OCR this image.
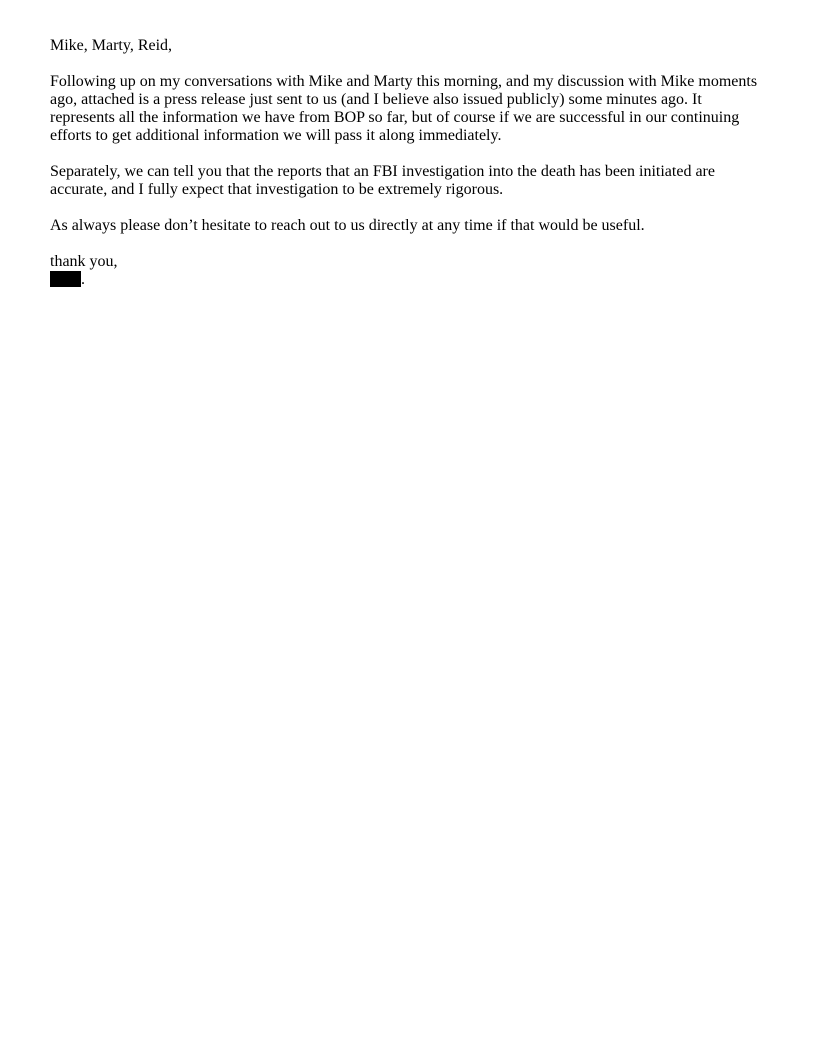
Mike, Marty, Reid,

Following up on my conversations with Mike and Marty this morning, and my discussion with Mike moments ago, attached is a press release just sent to us (and I believe also issued publicly) some minutes ago. It represents all the information we have from BOP so far, but of course if we are successful in our continuing efforts to get additional information we will pass it along immediately.

Separately, we can tell you that the reports that an FBI investigation into the death has been initiated are accurate, and I fully expect that investigation to be extremely rigorous.

As always please don’t hesitate to reach out to us directly at any time if that would be useful.

thank you,

.
